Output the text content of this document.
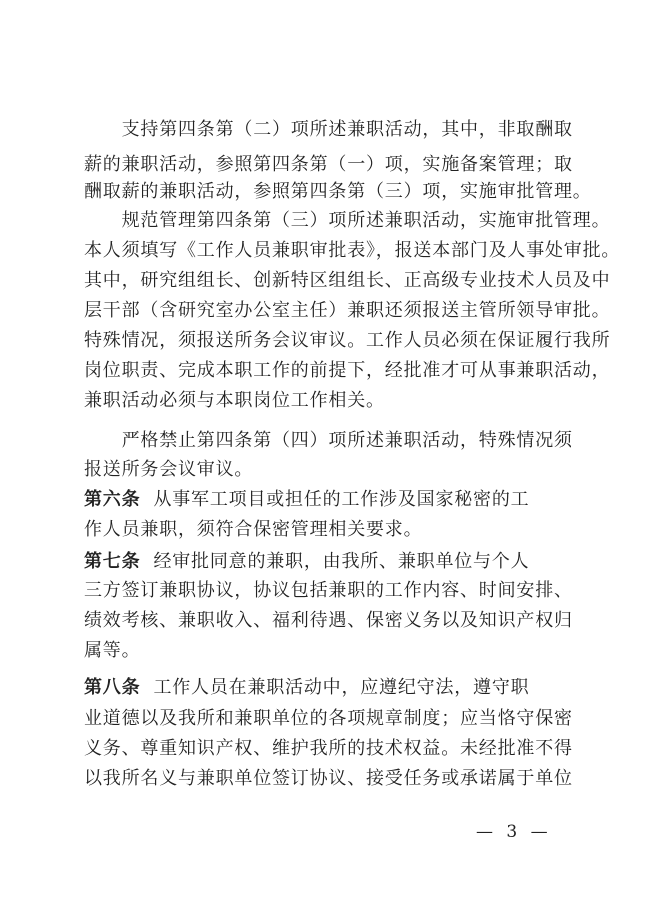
　　支持第四条第（二）项所述兼职活动，其中，非取酬取
薪的兼职活动，参照第四条第（一）项，实施备案管理；取
酬取薪的兼职活动，参照第四条第（三）项，实施审批管理。
　　规范管理第四条第（三）项所述兼职活动，实施审批管理。
本人须填写《工作人员兼职审批表》，报送本部门及人事处审批。
其中，研究组组长、创新特区组组长、正高级专业技术人员及中
层干部（含研究室办公室主任）兼职还须报送主管所领导审批。
特殊情况，须报送所务会议审议。工作人员必须在保证履行我所
岗位职责、完成本职工作的前提下，经批准才可从事兼职活动，
兼职活动必须与本职岗位工作相关。
　　严格禁止第四条第（四）项所述兼职活动，特殊情况须
报送所务会议审议。
第六条 从事军工项目或担任的工作涉及国家秘密的工
作人员兼职，须符合保密管理相关要求。
第七条 经审批同意的兼职，由我所、兼职单位与个人
三方签订兼职协议，协议包括兼职的工作内容、时间安排、
绩效考核、兼职收入、福利待遇、保密义务以及知识产权归
属等。
第八条 工作人员在兼职活动中，应遵纪守法，遵守职
业道德以及我所和兼职单位的各项规章制度；应当恪守保密
义务、尊重知识产权、维护我所的技术权益。未经批准不得
以我所名义与兼职单位签订协议、接受任务或承诺属于单位
— 3 —
